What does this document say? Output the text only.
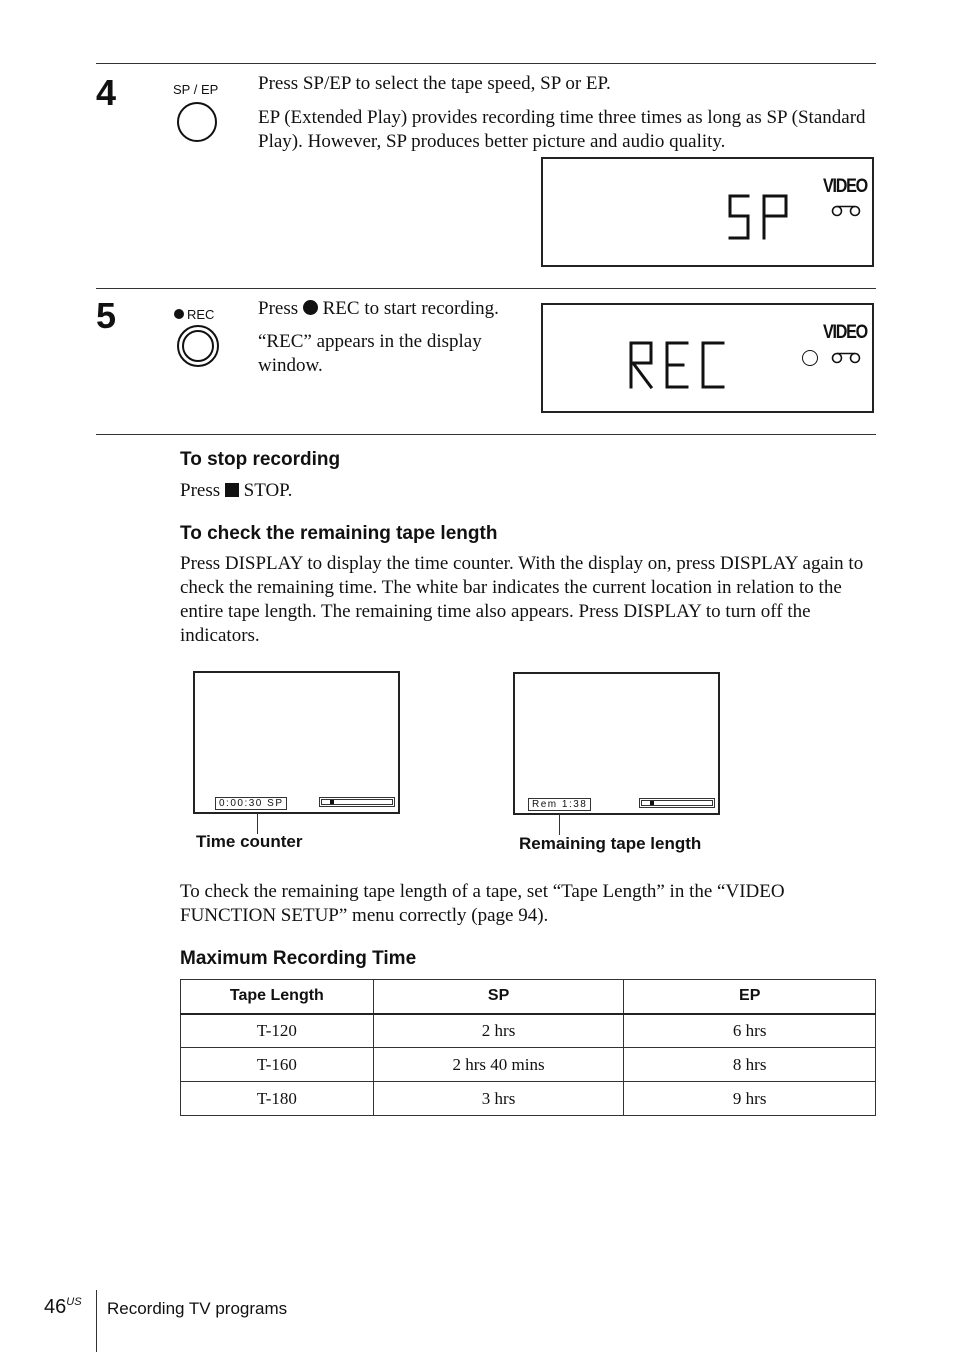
4	SP / EP Press SP/EP to select the tape speed, SP or EP.
EP (Extended Play) provides recording time three times as long as SP (Standard Play). However, SP produces better picture and audio quality.
VIDEO
5	REC Press REC to start recording.
“REC” appears in the display window.
VIDEO
To stop recording
Press STOP.
To check the remaining tape length
Press DISPLAY to display the time counter. With the display on, press DISPLAY again to check the remaining time. The white bar indicates the current location in relation to the entire tape length. The remaining time also appears. Press DISPLAY to turn off the indicators.
0:00:30 SP
Time counter
Rem 1:38
Remaining tape length
To check the remaining tape length of a tape, set “Tape Length” in the “VIDEO FUNCTION SETUP” menu correctly (page 94).
Maximum Recording Time
Tape Length	SP	EP
T-120	2 hrs	6 hrs
T-160	2 hrs 40 mins	8 hrs
T-180	3 hrs	9 hrs
$46^{US}$ Recording TV programs
